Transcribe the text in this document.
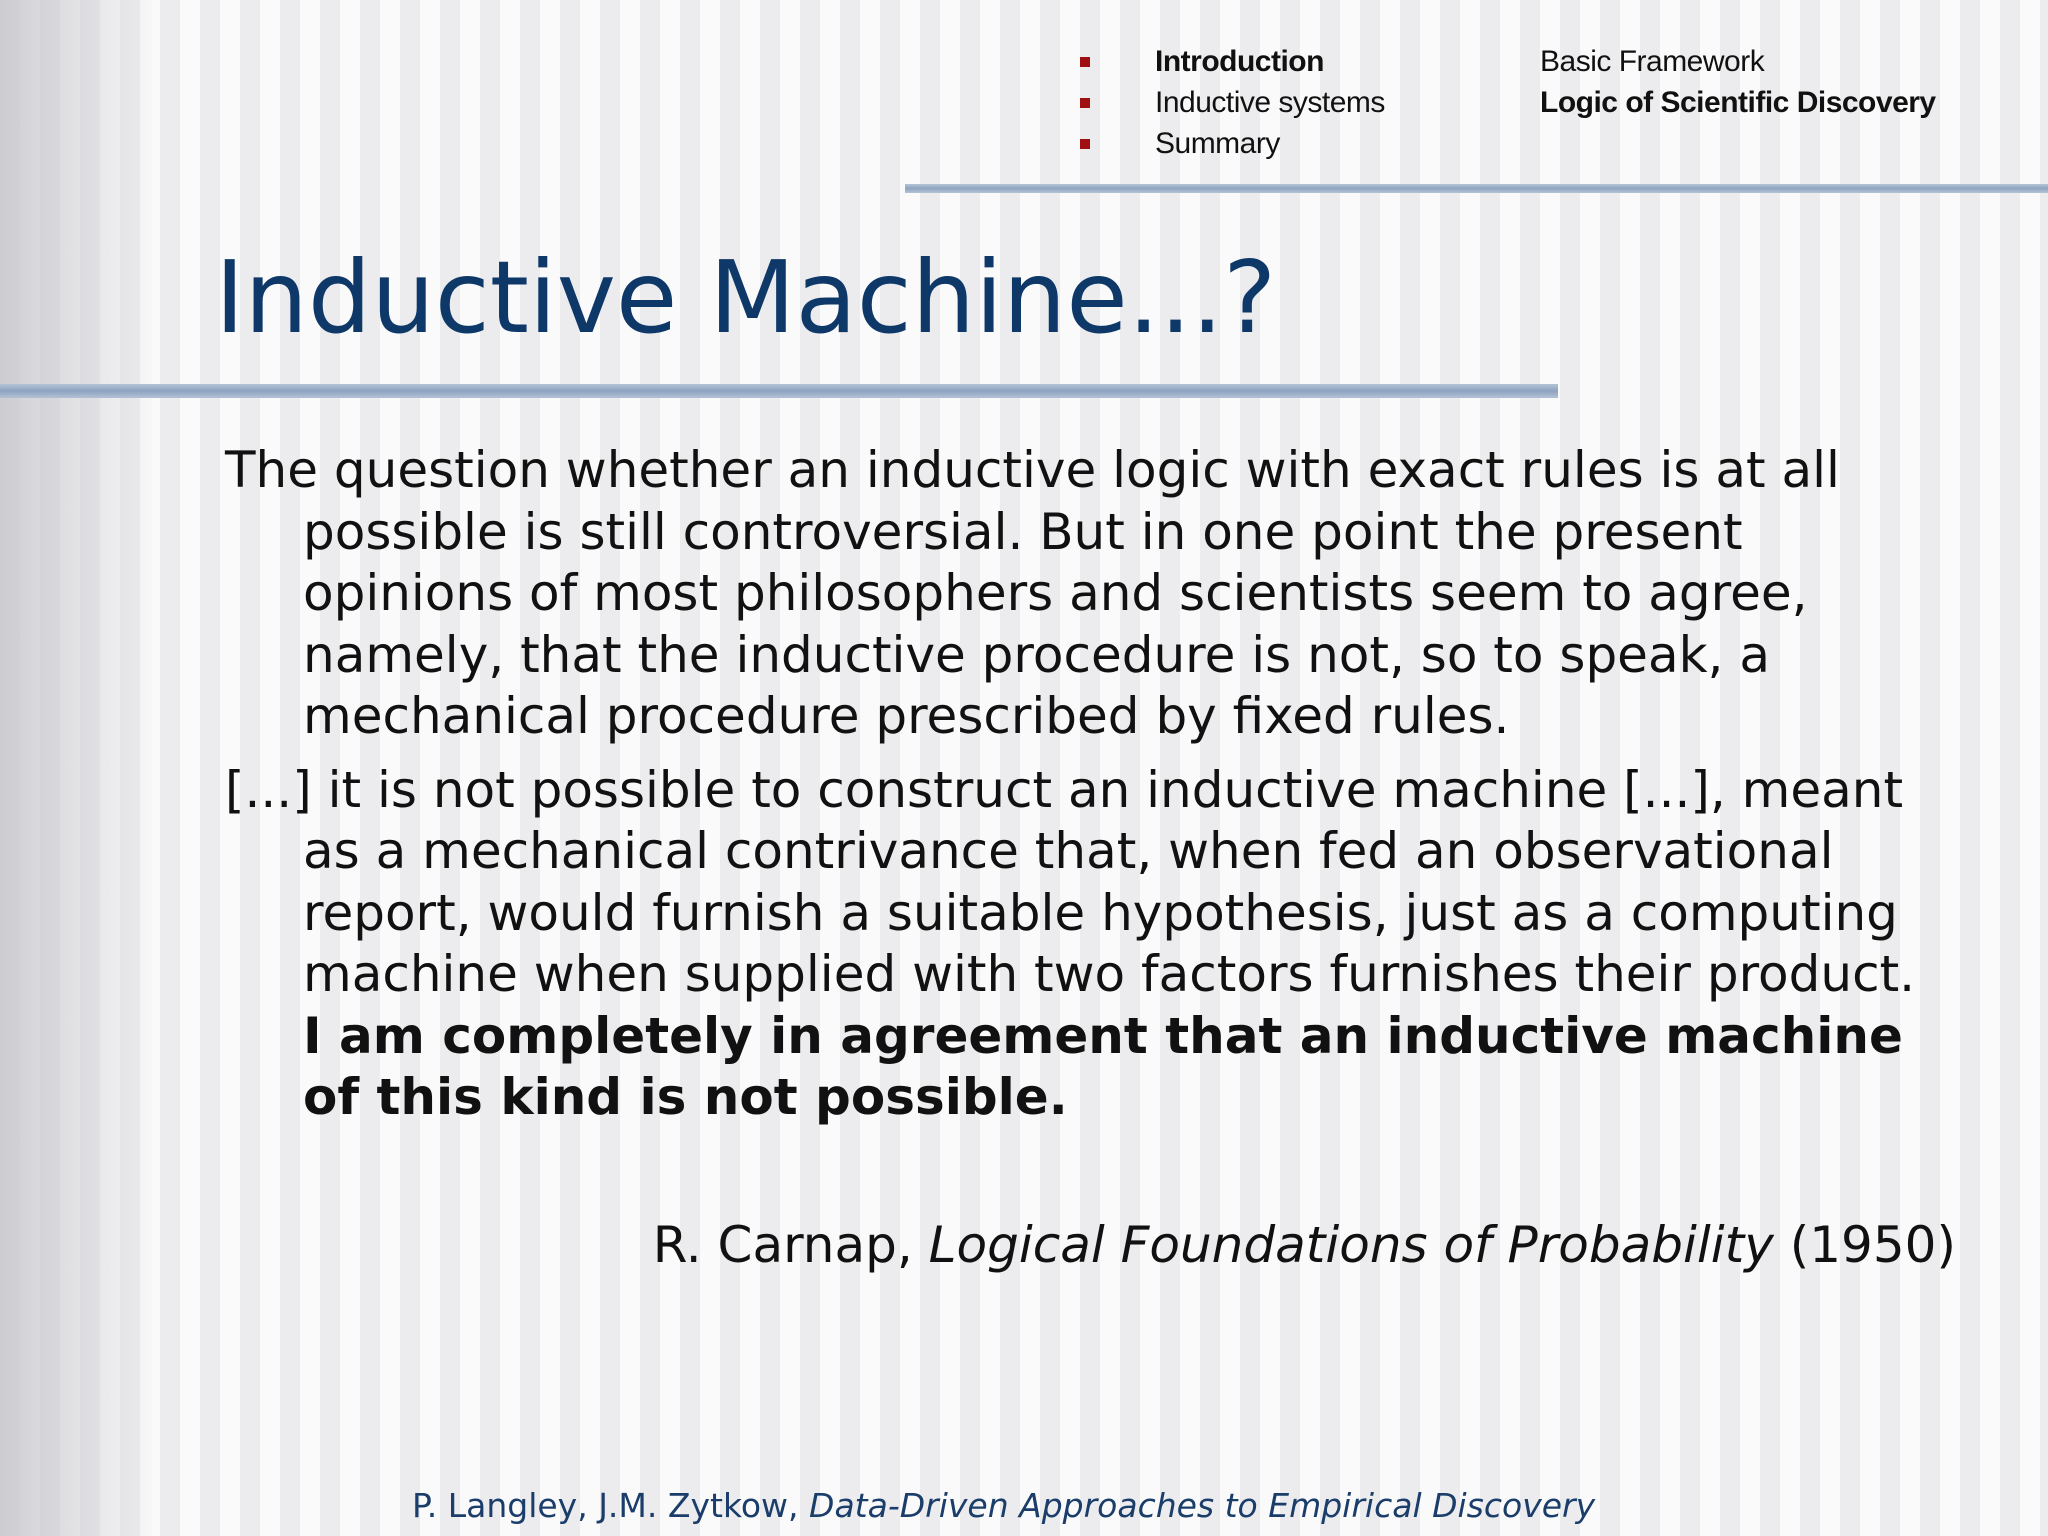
Introduction
Inductive systems
Summary
Basic Framework
Logic of Scientific Discovery
Inductive Machine...?

The question whether an inductive logic with exact rules is at all
possible is still controversial. But in one point the present
opinions of most philosophers and scientists seem to agree,
namely, that the inductive procedure is not, so to speak, a
mechanical procedure prescribed by fixed rules.

[...] it is not possible to construct an inductive machine [...], meant
as a mechanical contrivance that, when fed an observational
report, would furnish a suitable hypothesis, just as a computing
machine when supplied with two factors furnishes their product.
I am completely in agreement that an inductive machine
of this kind is not possible.

R. Carnap, Logical Foundations of Probability (1950)
P. Langley, J.M. Zytkow, Data-Driven Approaches to Empirical Discovery
